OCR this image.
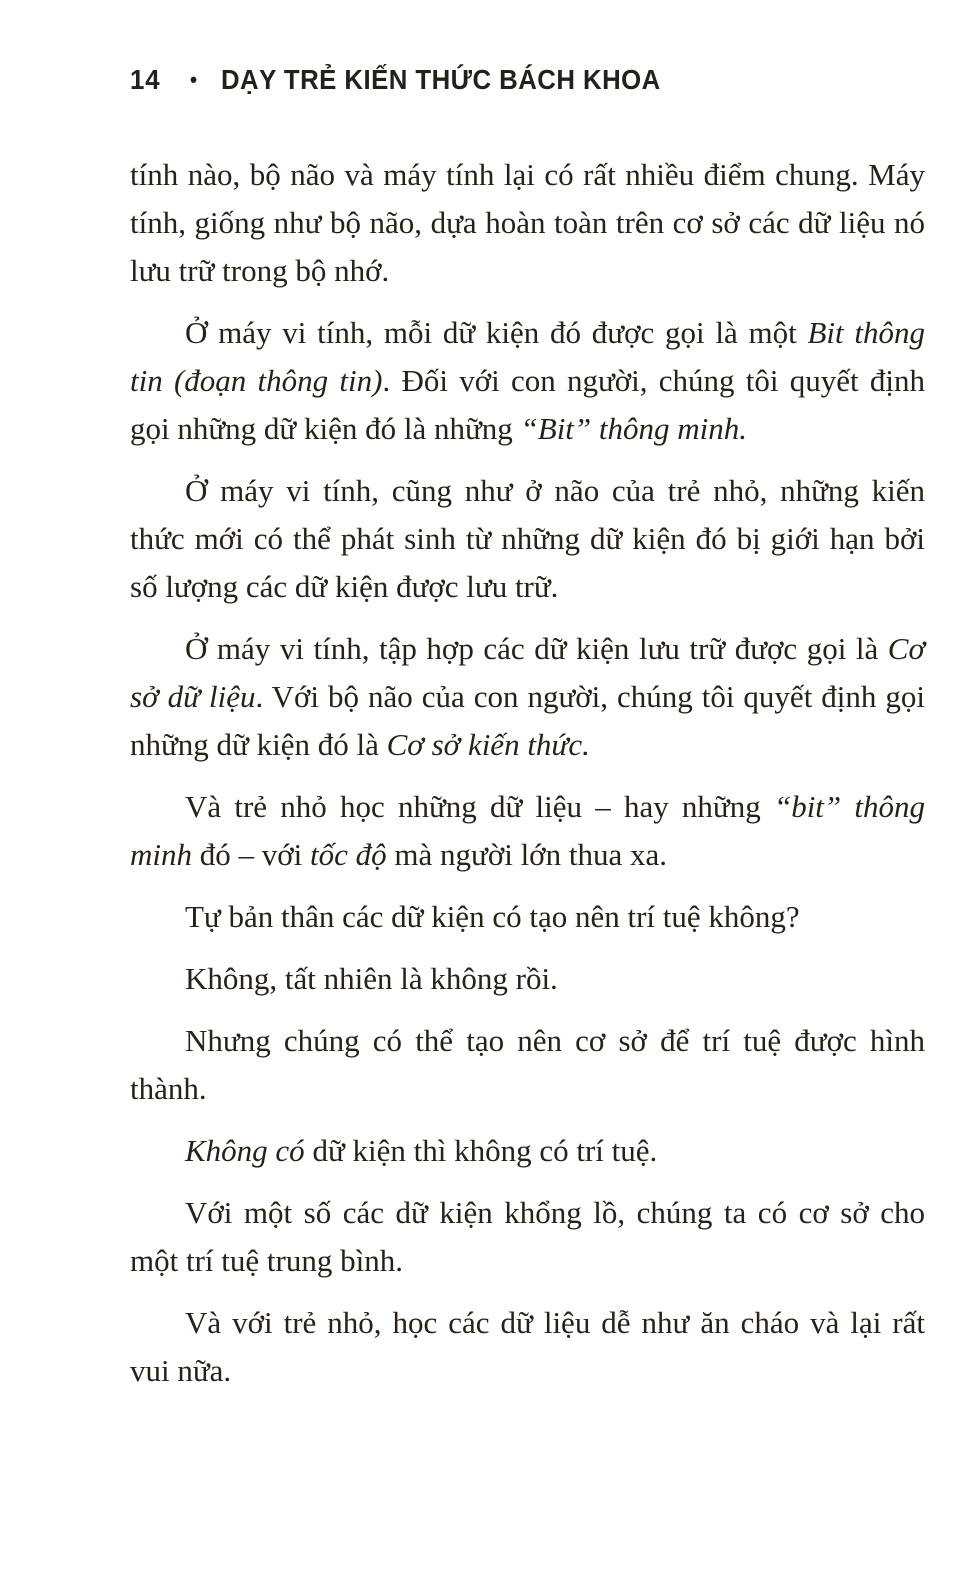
14 • DẠY TRẺ KIẾN THỨC BÁCH KHOA

tính nào, bộ não và máy tính lại có rất nhiều điểm chung. Máy tính, giống như bộ não, dựa hoàn toàn trên cơ sở các dữ liệu nó lưu trữ trong bộ nhớ.

Ở máy vi tính, mỗi dữ kiện đó được gọi là một Bit thông tin (đoạn thông tin). Đối với con người, chúng tôi quyết định gọi những dữ kiện đó là những “Bit” thông minh.

Ở máy vi tính, cũng như ở não của trẻ nhỏ, những kiến thức mới có thể phát sinh từ những dữ kiện đó bị giới hạn bởi số lượng các dữ kiện được lưu trữ.

Ở máy vi tính, tập hợp các dữ kiện lưu trữ được gọi là Cơ sở dữ liệu. Với bộ não của con người, chúng tôi quyết định gọi những dữ kiện đó là Cơ sở kiến thức.

Và trẻ nhỏ học những dữ liệu – hay những “bit” thông minh đó – với tốc độ mà người lớn thua xa.

Tự bản thân các dữ kiện có tạo nên trí tuệ không?

Không, tất nhiên là không rồi.

Nhưng chúng có thể tạo nên cơ sở để trí tuệ được hình thành.

Không có dữ kiện thì không có trí tuệ.

Với một số các dữ kiện khổng lồ, chúng ta có cơ sở cho một trí tuệ trung bình.

Và với trẻ nhỏ, học các dữ liệu dễ như ăn cháo và lại rất vui nữa.
